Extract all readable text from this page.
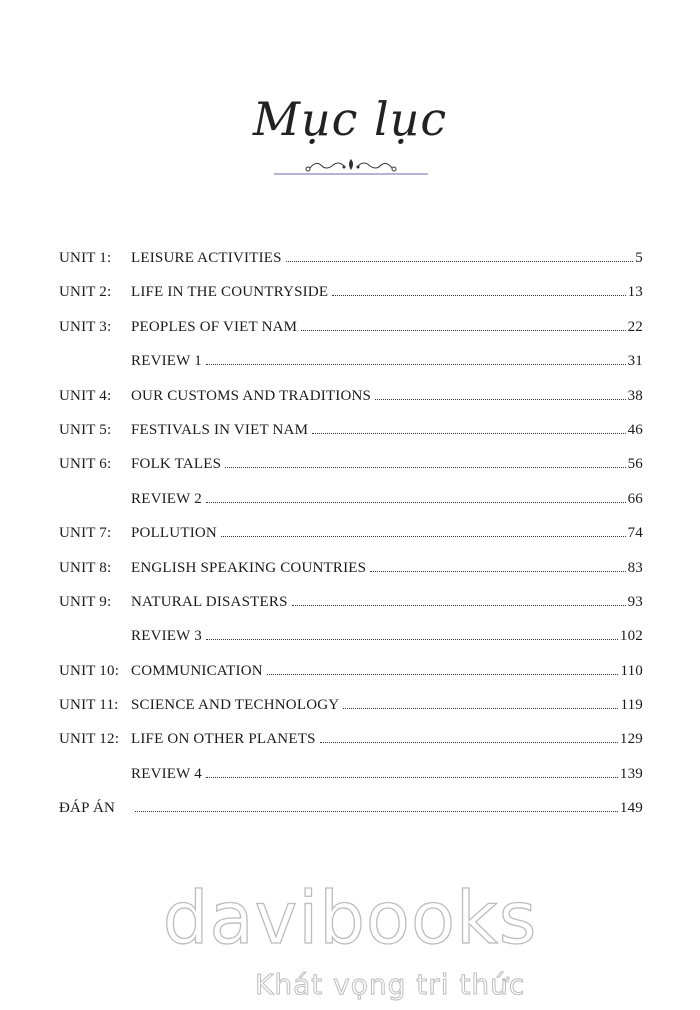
Mục lục
UNIT 1:	LEISURE ACTIVITIES	5
UNIT 2:	LIFE IN THE COUNTRYSIDE	13
UNIT 3:	PEOPLES OF VIET NAM	22
REVIEW 1	31
UNIT 4:	OUR CUSTOMS AND TRADITIONS	38
UNIT 5:	FESTIVALS IN VIET NAM	46
UNIT 6:	FOLK TALES	56
REVIEW 2	66
UNIT 7:	POLLUTION	74
UNIT 8:	ENGLISH SPEAKING COUNTRIES	83
UNIT 9:	NATURAL DISASTERS	93
REVIEW 3	102
UNIT 10: COMMUNICATION	110
UNIT 11: SCIENCE AND TECHNOLOGY	119
UNIT 12: LIFE ON OTHER PLANETS	129
REVIEW 4	139
ĐÁP ÁN	149
davibooks
Khát vọng tri thức
